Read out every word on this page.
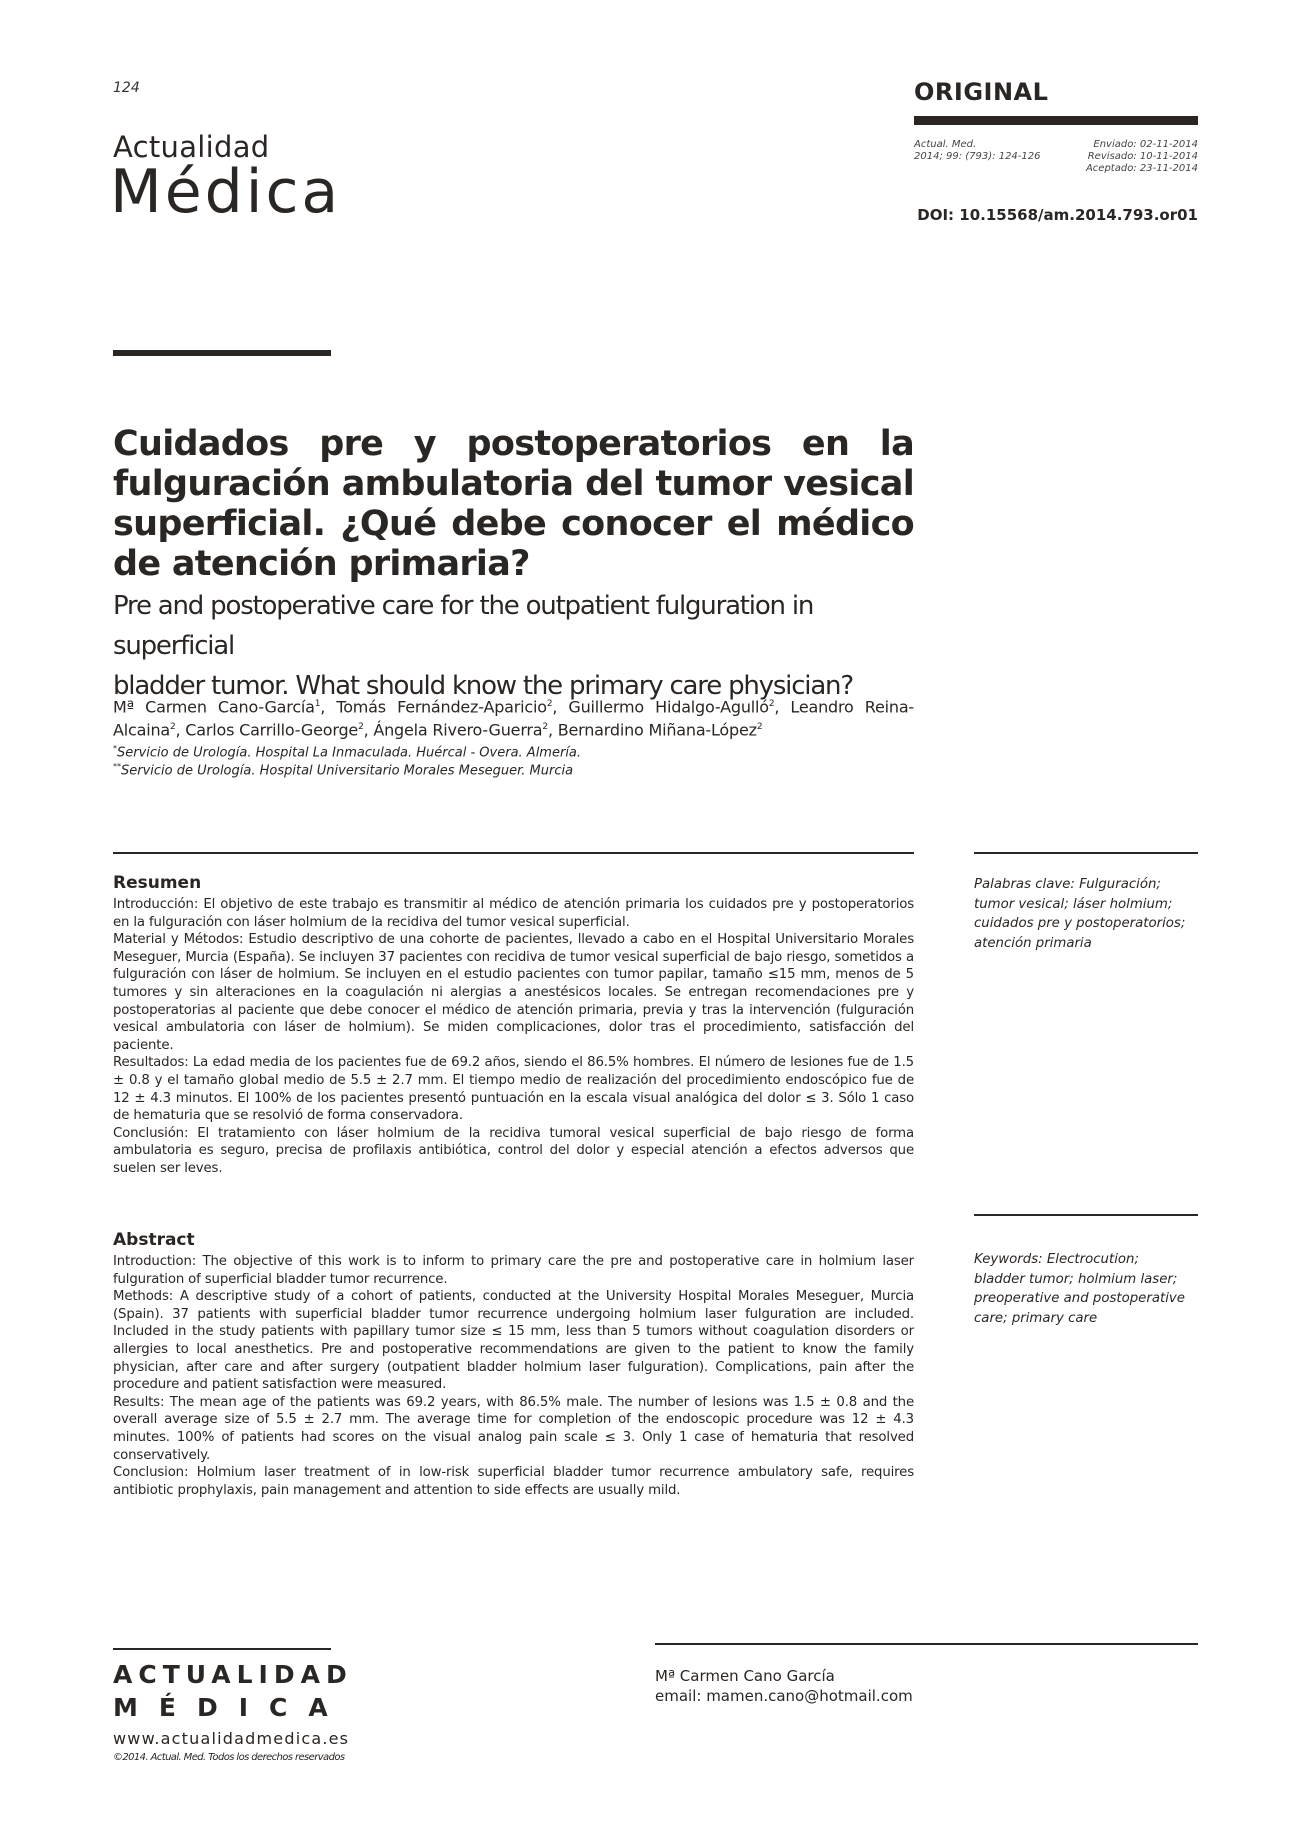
124
Actualidad
Médica
ORIGINAL
Actual. Med.
2014; 99: (793): 124-126
Enviado: 02-11-2014
Revisado: 10-11-2014
Aceptado: 23-11-2014
DOI: 10.15568/am.2014.793.or01
Cuidados pre y postoperatorios en la fulguración ambulatoria del tumor vesical superficial. ¿Qué debe conocer el médico de atención primaria?
Pre and postoperative care for the outpatient fulguration in superficial
bladder tumor. What should know the primary care physician?
Mª Carmen Cano-García$^1$, Tomás Fernández-Aparicio$^2$, Guillermo Hidalgo-Agulló$^2$, Leandro Reina-Alcaina$^2$, Carlos Carrillo-George$^2$, Ángela Rivero-Guerra$^2$, Bernardino Miñana-López$^2$
*Servicio de Urología. Hospital La Inmaculada. Huércal - Overa. Almería.
**Servicio de Urología. Hospital Universitario Morales Meseguer. Murcia
Resumen

Introducción: El objetivo de este trabajo es transmitir al médico de atención primaria los cuidados pre y postoperatorios en la fulguración con láser holmium de la recidiva del tumor vesical superficial.

Material y Métodos: Estudio descriptivo de una cohorte de pacientes, llevado a cabo en el Hospital Universitario Morales Meseguer, Murcia (España). Se incluyen 37 pacientes con recidiva de tumor vesical superficial de bajo riesgo, sometidos a fulguración con láser de holmium. Se incluyen en el estudio pacientes con tumor papilar, tamaño ≤15 mm, menos de 5 tumores y sin alteraciones en la coagulación ni alergias a anestésicos locales. Se entregan recomendaciones pre y postoperatorias al paciente que debe conocer el médico de atención primaria, previa y tras la intervención (fulguración vesical ambulatoria con láser de holmium). Se miden complicaciones, dolor tras el procedimiento, satisfacción del paciente.

Resultados: La edad media de los pacientes fue de 69.2 años, siendo el 86.5% hombres. El número de lesiones fue de 1.5 ± 0.8 y el tamaño global medio de 5.5 ± 2.7 mm. El tiempo medio de realización del procedimiento endoscópico fue de 12 ± 4.3 minutos. El 100% de los pacientes presentó puntuación en la escala visual analógica del dolor ≤ 3. Sólo 1 caso de hematuria que se resolvió de forma conservadora.

Conclusión: El tratamiento con láser holmium de la recidiva tumoral vesical superficial de bajo riesgo de forma ambulatoria es seguro, precisa de profilaxis antibiótica, control del dolor y especial atención a efectos adversos que suelen ser leves.

Palabras clave: Fulguración;
tumor vesical; láser holmium;
cuidados pre y postoperatorios;
atención primaria
Abstract

Introduction: The objective of this work is to inform to primary care the pre and postoperative care in holmium laser fulguration of superficial bladder tumor recurrence.

Methods: A descriptive study of a cohort of patients, conducted at the University Hospital Morales Meseguer, Murcia (Spain). 37 patients with superficial bladder tumor recurrence undergoing holmium laser fulguration are included. Included in the study patients with papillary tumor size ≤ 15 mm, less than 5 tumors without coagulation disorders or allergies to local anesthetics. Pre and postoperative recommendations are given to the patient to know the family physician, after care and after surgery (outpatient bladder holmium laser fulguration). Complications, pain after the procedure and patient satisfaction were measured.

Results: The mean age of the patients was 69.2 years, with 86.5% male. The number of lesions was 1.5 ± 0.8 and the overall average size of 5.5 ± 2.7 mm. The average time for completion of the endoscopic procedure was 12 ± 4.3 minutes. 100% of patients had scores on the visual analog pain scale ≤ 3. Only 1 case of hematuria that resolved conservatively.

Conclusion: Holmium laser treatment of in low-risk superficial bladder tumor recurrence ambulatory safe, requires antibiotic prophylaxis, pain management and attention to side effects are usually mild.

Keywords: Electrocution;
bladder tumor; holmium laser;
preoperative and postoperative
care; primary care
ACTUALIDAD
MÉDICA
www.actualidadmedica.es
©2014. Actual. Med. Todos los derechos reservados
Mª Carmen Cano García
email: mamen.cano@hotmail.com
